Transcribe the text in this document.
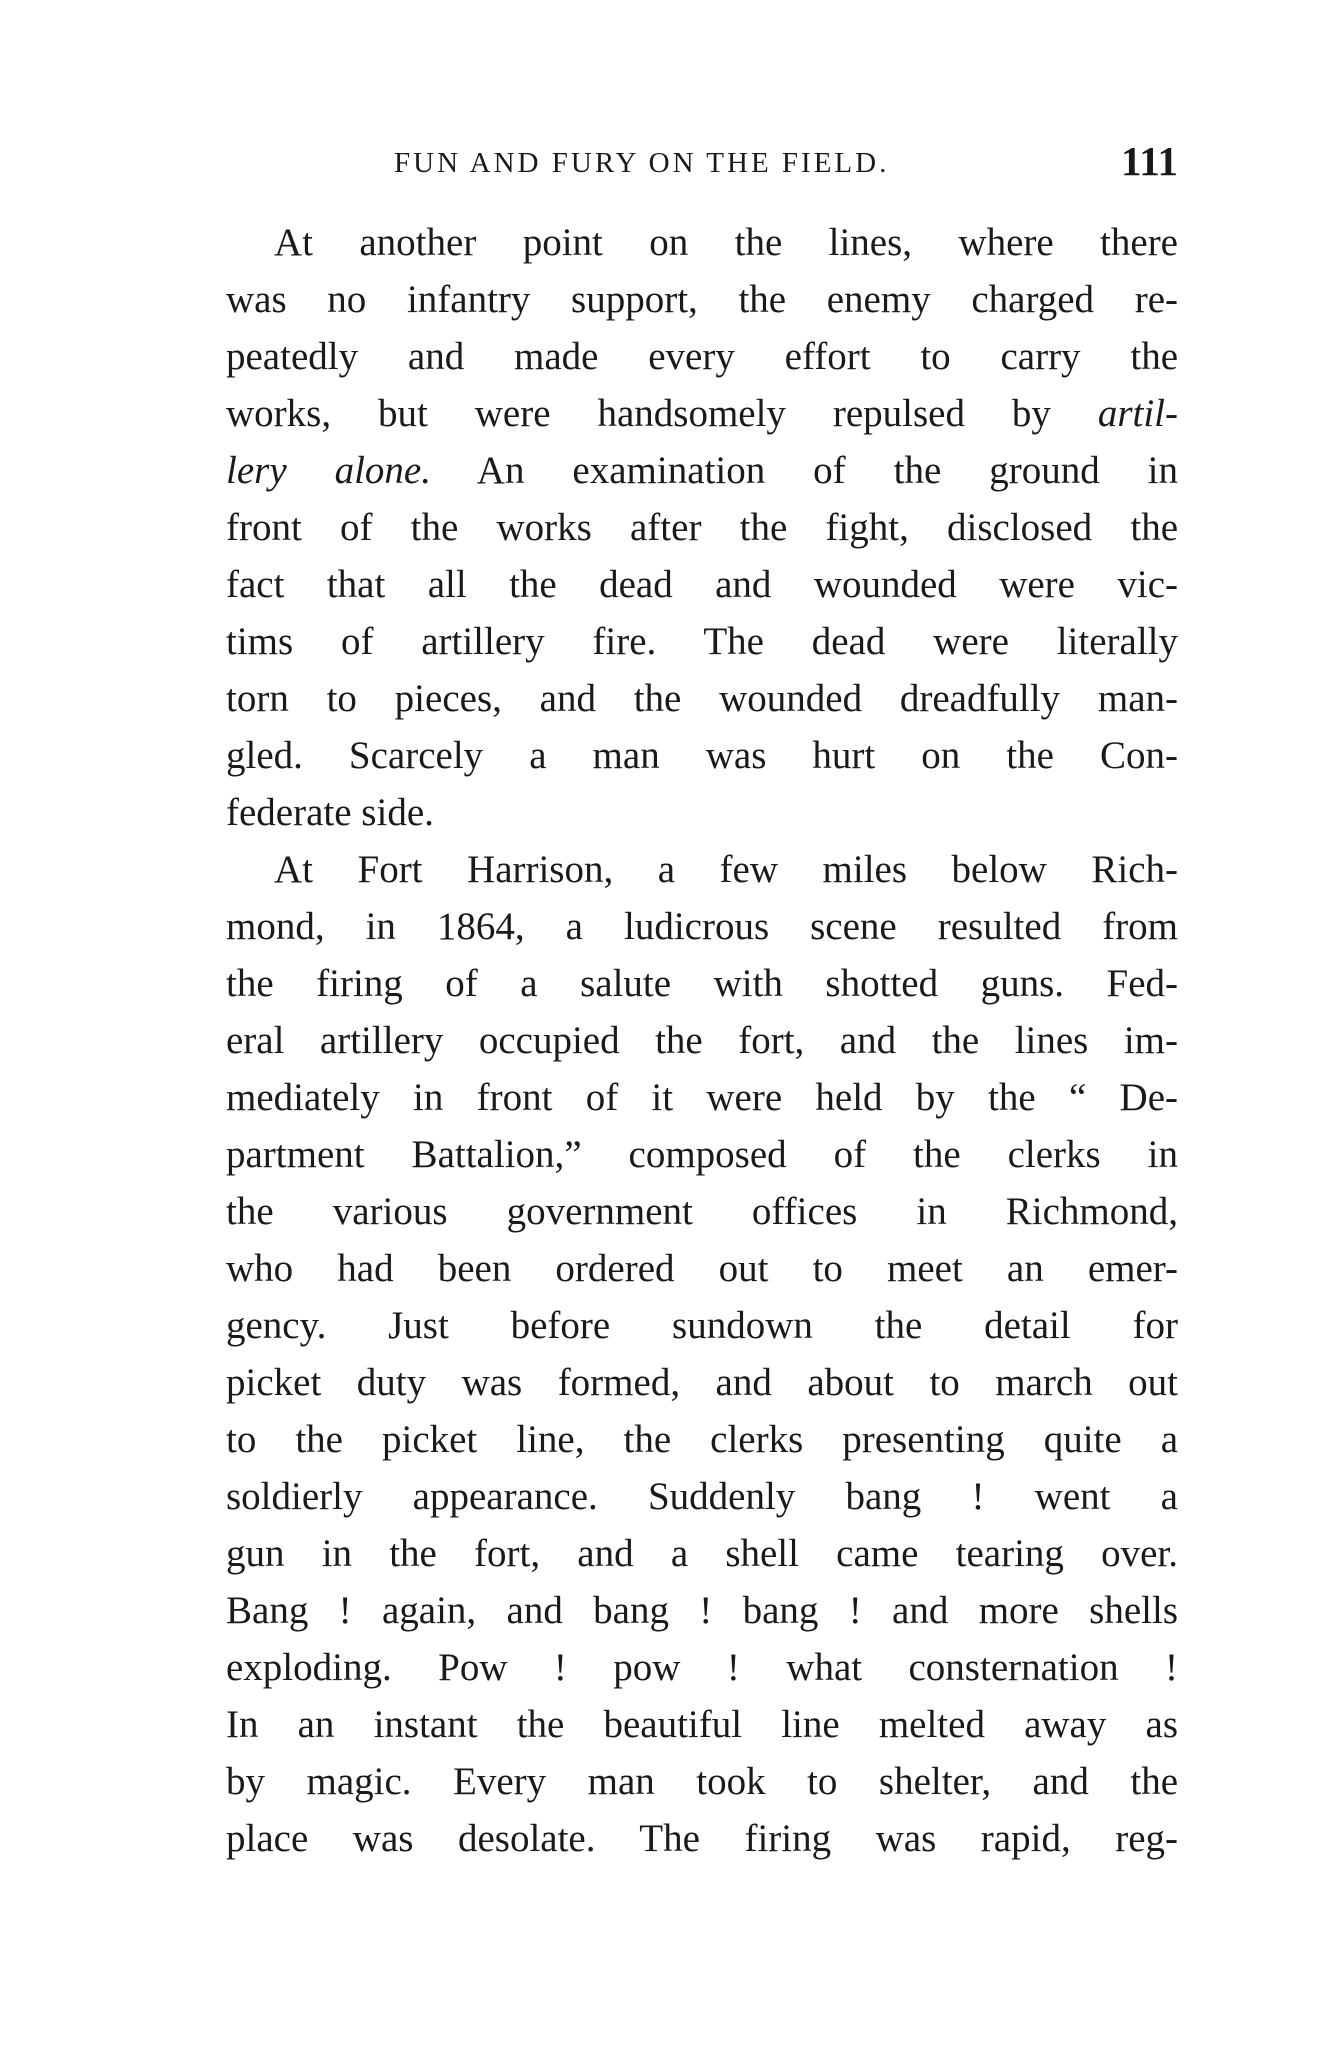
FUN AND FURY ON THE FIELD.	111
At another point on the lines, where there
was no infantry support, the enemy charged re-
peatedly and made every effort to carry the
works, but were handsomely repulsed by artil-
lery alone. An examination of the ground in
front of the works after the fight, disclosed the
fact that all the dead and wounded were vic-
tims of artillery fire. The dead were literally
torn to pieces, and the wounded dreadfully man-
gled. Scarcely a man was hurt on the Con-
federate side.
At Fort Harrison, a few miles below Rich-
mond, in 1864, a ludicrous scene resulted from
the firing of a salute with shotted guns. Fed-
eral artillery occupied the fort, and the lines im-
mediately in front of it were held by the “ De-
partment Battalion,” composed of the clerks in
the various government offices in Richmond,
who had been ordered out to meet an emer-
gency. Just before sundown the detail for
picket duty was formed, and about to march out
to the picket line, the clerks presenting quite a
soldierly appearance. Suddenly bang ! went a
gun in the fort, and a shell came tearing over.
Bang ! again, and bang ! bang ! and more shells
exploding. Pow ! pow ! what consternation !
In an instant the beautiful line melted away as
by magic. Every man took to shelter, and the
place was desolate. The firing was rapid, reg-
